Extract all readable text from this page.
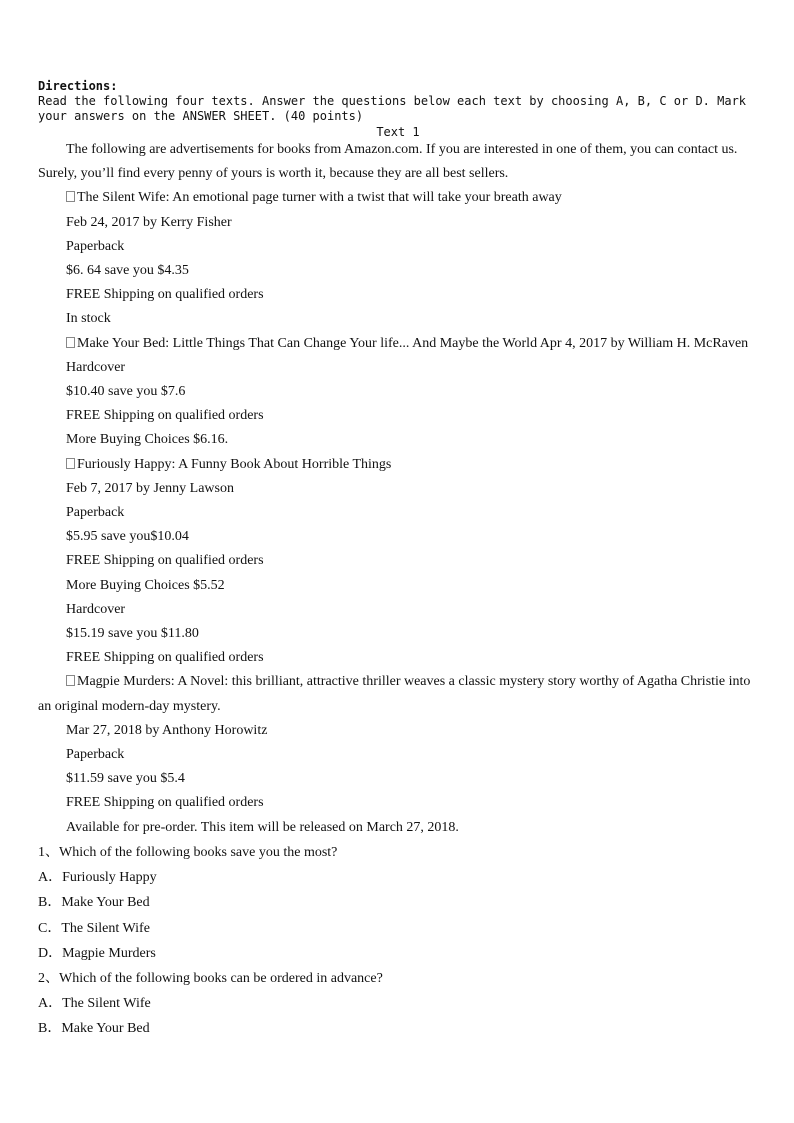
Directions:
Read the following four texts. Answer the questions below each text by choosing A, B, C or D. Mark
your answers on the ANSWER SHEET. (40 points)
Text 1
The following are advertisements for books from Amazon.com. If you are interested in one of them, you can contact us. Surely, you’ll find every penny of yours is worth it, because they are all best sellers.
The Silent Wife: An emotional page turner with a twist that will take your breath away
Feb 24, 2017 by Kerry Fisher
Paperback
$6. 64 save you $4.35
FREE Shipping on qualified orders
In stock
Make Your Bed: Little Things That Can Change Your life... And Maybe the World Apr 4, 2017 by William H. McRaven
Hardcover
$10.40 save you $7.6
FREE Shipping on qualified orders
More Buying Choices $6.16.
Furiously Happy: A Funny Book About Horrible Things
Feb 7, 2017 by Jenny Lawson
Paperback
$5.95 save you$10.04
FREE Shipping on qualified orders
More Buying Choices $5.52
Hardcover
$15.19 save you $11.80
FREE Shipping on qualified orders
Magpie Murders: A Novel: this brilliant, attractive thriller weaves a classic mystery story worthy of Agatha Christie into an original modern-day mystery.
Mar 27, 2018 by Anthony Horowitz
Paperback
$11.59 save you $5.4
FREE Shipping on qualified orders
Available for pre-order. This item will be released on March 27, 2018.
1、Which of the following books save you the most?
A．Furiously Happy
B．Make Your Bed
C．The Silent Wife
D．Magpie Murders
2、Which of the following books can be ordered in advance?
A．The Silent Wife
B．Make Your Bed
